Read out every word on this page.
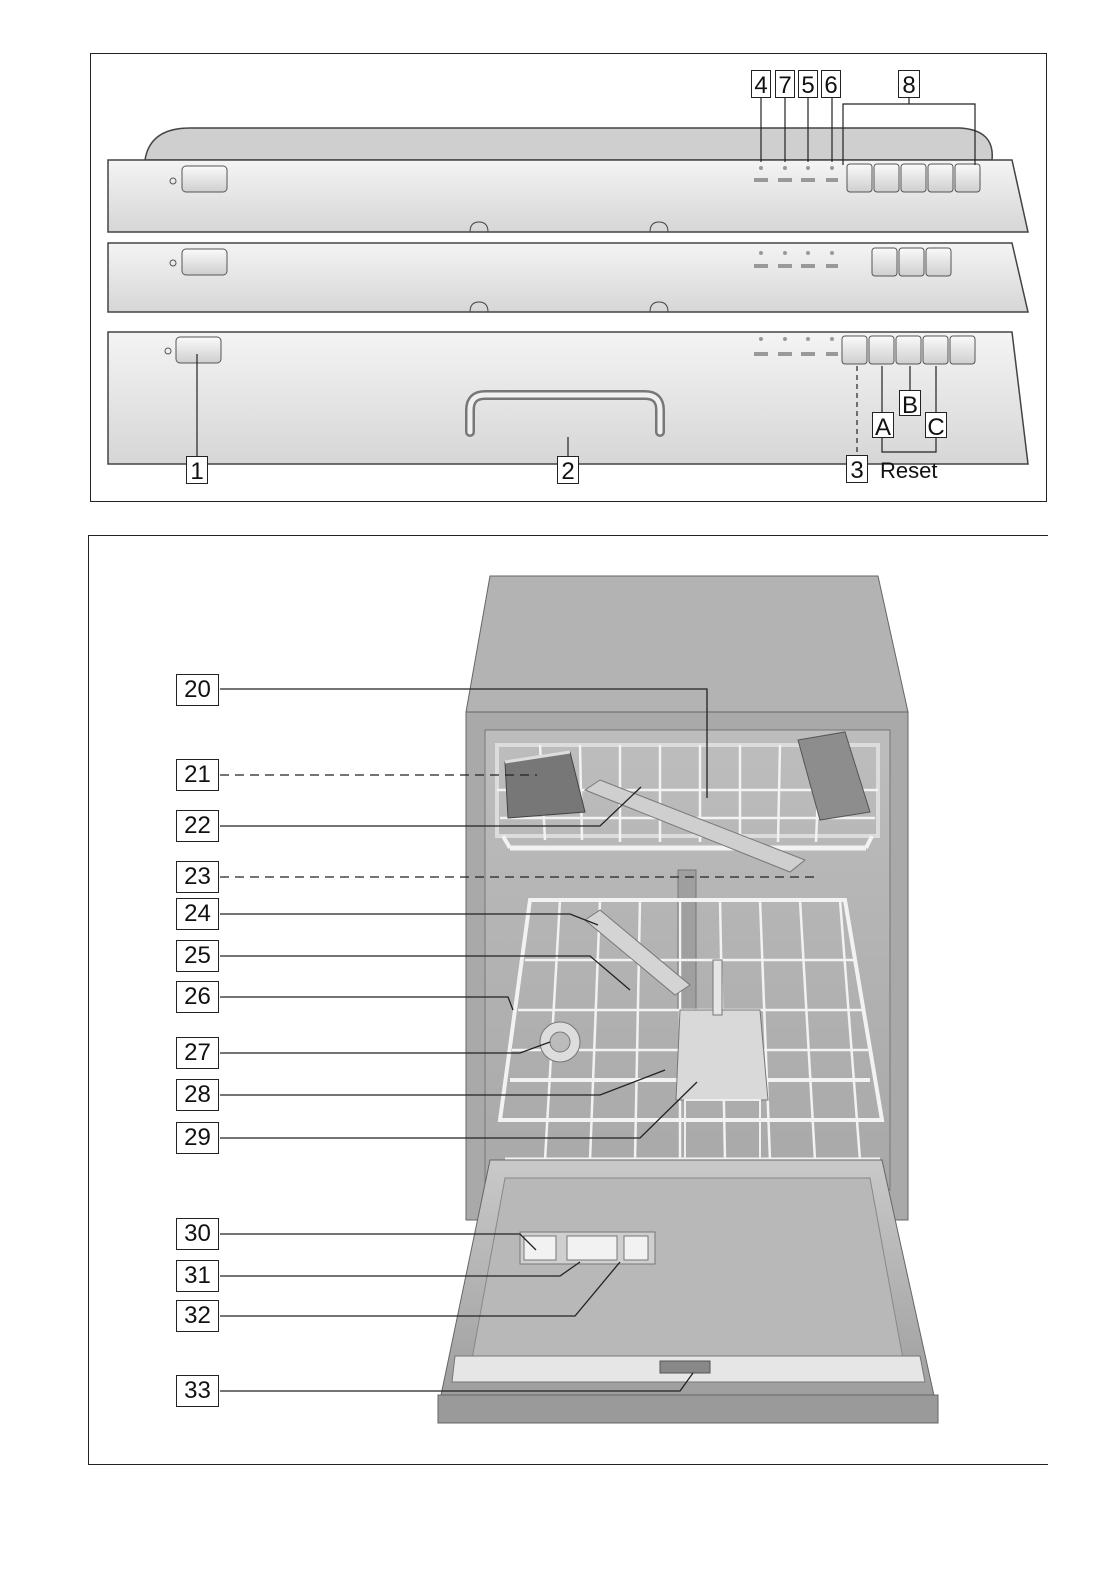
4 7 5 6	8
1	2	3
A
B
C
Reset
20
21
22
23
24
25
26
27
28
29
30
31
32
33
